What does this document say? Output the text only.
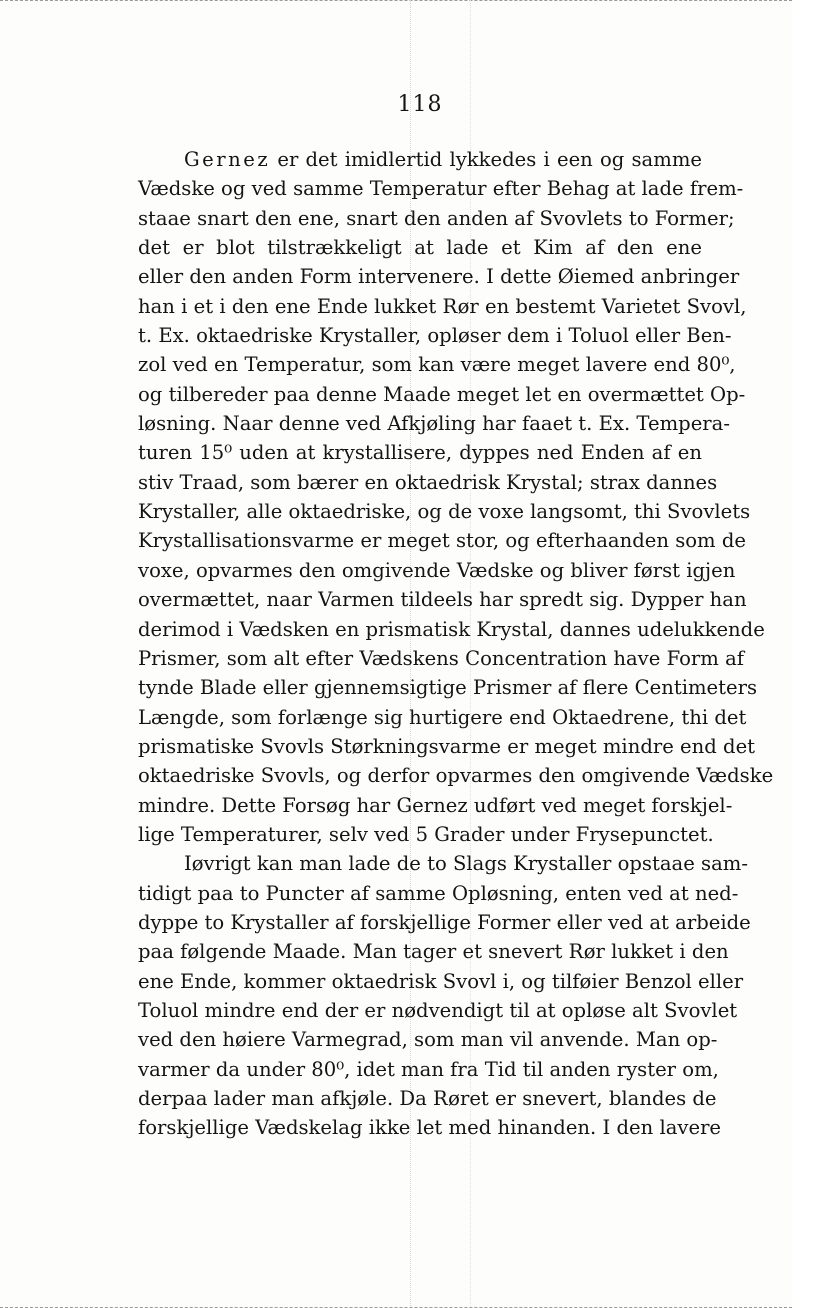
118
Gernez er det imidlertid lykkedes i een og samme
Vædske og ved samme Temperatur efter Behag at lade frem-
staae snart den ene, snart den anden af Svovlets to Former;
det er blot tilstrækkeligt at lade et Kim af den ene
eller den anden Form intervenere. I dette Øiemed anbringer
han i et i den ene Ende lukket Rør en bestemt Varietet Svovl,
t. Ex. oktaedriske Krystaller, opløser dem i Toluol eller Ben-
zol ved en Temperatur, som kan være meget lavere end 80⁰,
og tilbereder paa denne Maade meget let en overmættet Op-
løsning. Naar denne ved Afkjøling har faaet t. Ex. Tempera-
turen 15⁰ uden at krystallisere, dyppes ned Enden af en
stiv Traad, som bærer en oktaedrisk Krystal; strax dannes
Krystaller, alle oktaedriske, og de voxe langsomt, thi Svovlets
Krystallisationsvarme er meget stor, og efterhaanden som de
voxe, opvarmes den omgivende Vædske og bliver først igjen
overmættet, naar Varmen tildeels har spredt sig. Dypper han
derimod i Vædsken en prismatisk Krystal, dannes udelukkende
Prismer, som alt efter Vædskens Concentration have Form af
tynde Blade eller gjennemsigtige Prismer af flere Centimeters
Længde, som forlænge sig hurtigere end Oktaedrene, thi det
prismatiske Svovls Størkningsvarme er meget mindre end det
oktaedriske Svovls, og derfor opvarmes den omgivende Vædske
mindre. Dette Forsøg har Gernez udført ved meget forskjel-
lige Temperaturer, selv ved 5 Grader under Frysepunctet.
Iøvrigt kan man lade de to Slags Krystaller opstaae sam-
tidigt paa to Puncter af samme Opløsning, enten ved at ned-
dyppe to Krystaller af forskjellige Former eller ved at arbeide
paa følgende Maade. Man tager et snevert Rør lukket i den
ene Ende, kommer oktaedrisk Svovl i, og tilføier Benzol eller
Toluol mindre end der er nødvendigt til at opløse alt Svovlet
ved den høiere Varmegrad, som man vil anvende. Man op-
varmer da under 80⁰, idet man fra Tid til anden ryster om,
derpaa lader man afkjøle. Da Røret er snevert, blandes de
forskjellige Vædskelag ikke let med hinanden. I den lavere
